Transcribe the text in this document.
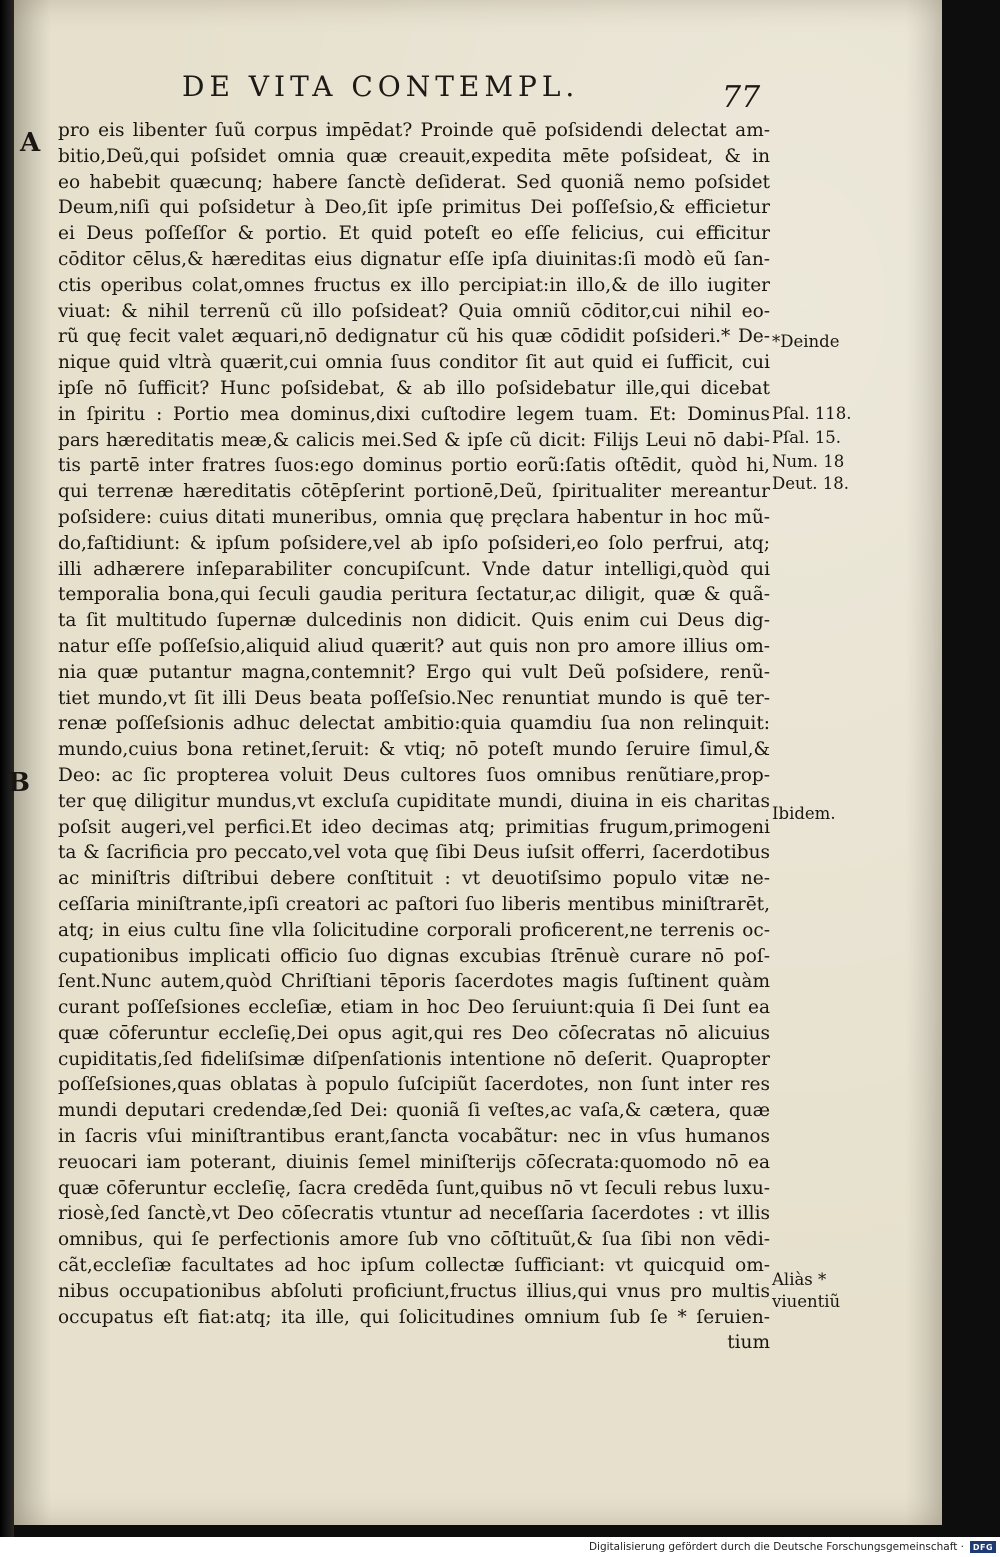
DE VITA CONTEMPL.	77
A
B
pro eis libenter ſuũ corpus impēdat? Proinde quē poſsidendi delectat am-
bitio,Deũ,qui poſsidet omnia quæ creauit,expedita mēte poſsideat, & in
eo habebit quæcunq; habere ſanctè deſiderat. Sed quoniã nemo poſsidet
Deum,niſi qui poſsidetur à Deo,ſit ipſe primitus Dei poſſeſsio,& efficietur
ei Deus poſſeſſor & portio. Et quid poteſt eo eſſe felicius, cui efficitur
cōditor cēlus,& hæreditas eius dignatur eſſe ipſa diuinitas:ſi modò eũ ſan-
ctis operibus colat,omnes fructus ex illo percipiat:in illo,& de illo iugiter
viuat: & nihil terrenũ cũ illo poſsideat? Quia omniũ cōditor,cui nihil eo-
rũ quę fecit valet æquari,nō dedignatur cũ his quæ cōdidit poſsideri.* De-
nique quid vltrà quærit,cui omnia ſuus conditor ſit aut quid ei ſufficit, cui
ipſe nō ſufficit? Hunc poſsidebat, & ab illo poſsidebatur ille,qui dicebat
in ſpiritu : Portio mea dominus,dixi cuſtodire legem tuam. Et: Dominus
pars hæreditatis meæ,& calicis mei.Sed & ipſe cũ dicit: Filijs Leui nō dabi-
tis partē inter fratres ſuos:ego dominus portio eorũ:ſatis oſtēdit, quòd hi,
qui terrenæ hæreditatis cōtēpſerint portionē,Deũ, ſpiritualiter mereantur
poſsidere: cuius ditati muneribus, omnia quę pręclara habentur in hoc mũ-
do,faſtidiunt: & ipſum poſsidere,vel ab ipſo poſsideri,eo ſolo perfrui, atq;
illi adhærere inſeparabiliter concupiſcunt. Vnde datur intelligi,quòd qui
temporalia bona,qui ſeculi gaudia peritura ſectatur,ac diligit, quæ & quã-
ta ſit multitudo ſupernæ dulcedinis non didicit. Quis enim cui Deus dig-
natur eſſe poſſeſsio,aliquid aliud quærit? aut quis non pro amore illius om-
nia quæ putantur magna,contemnit? Ergo qui vult Deũ poſsidere, renũ-
tiet mundo,vt ſit illi Deus beata poſſeſsio.Nec renuntiat mundo is quē ter-
renæ poſſeſsionis adhuc delectat ambitio:quia quamdiu ſua non relinquit:
mundo,cuius bona retinet,ſeruit: & vtiq; nō poteſt mundo ſeruire ſimul,&
Deo: ac ſic propterea voluit Deus cultores ſuos omnibus renũtiare,prop-
ter quę diligitur mundus,vt excluſa cupiditate mundi, diuina in eis charitas
poſsit augeri,vel perfici.Et ideo decimas atq; primitias frugum,primogeni
ta & ſacrificia pro peccato,vel vota quę ſibi Deus iuſsit offerri, ſacerdotibus
ac miniſtris diſtribui debere conſtituit : vt deuotiſsimo populo vitæ ne-
ceſſaria miniſtrante,ipſi creatori ac paſtori ſuo liberis mentibus miniſtrarēt,
atq; in eius cultu ſine vlla ſolicitudine corporali proficerent,ne terrenis oc-
cupationibus implicati officio ſuo dignas excubias ſtrēnuè curare nō poſ-
ſent.Nunc autem,quòd Chriſtiani tēporis ſacerdotes magis ſuſtinent quàm
curant poſſeſsiones eccleſiæ, etiam in hoc Deo ſeruiunt:quia ſi Dei ſunt ea
quæ cōferuntur eccleſię,Dei opus agit,qui res Deo cōſecratas nō alicuius
cupiditatis,ſed fideliſsimæ diſpenſationis intentione nō deſerit. Quapropter
poſſeſsiones,quas oblatas à populo ſuſcipiũt ſacerdotes, non ſunt inter res
mundi deputari credendæ,ſed Dei: quoniã ſi veſtes,ac vaſa,& cætera, quæ
in ſacris vſui miniſtrantibus erant,ſancta vocabãtur: nec in vſus humanos
reuocari iam poterant, diuinis ſemel miniſterijs cōſecrata:quomodo nō ea
quæ cōferuntur eccleſię, ſacra credēda ſunt,quibus nō vt ſeculi rebus luxu-
riosè,ſed ſanctè,vt Deo cōſecratis vtuntur ad neceſſaria ſacerdotes : vt illis
omnibus, qui ſe perfectionis amore ſub vno cōſtituũt,& ſua ſibi non vēdi-
cãt,eccleſiæ facultates ad hoc ipſum collectæ ſufficiant: vt quicquid om-
nibus occupationibus abſoluti proficiunt,fructus illius,qui vnus pro multis
occupatus eſt fiat:atq; ita ille, qui ſolicitudines omnium ſub ſe * ſeruien-
tium
*Deinde
Pſal. 118.
Pſal. 15.
Num. 18
Deut. 18.
Ibidem.
Aliàs *
viuentiũ
Digitalisierung gefördert durch die Deutsche Forschungsgemeinschaft ·	DFG
